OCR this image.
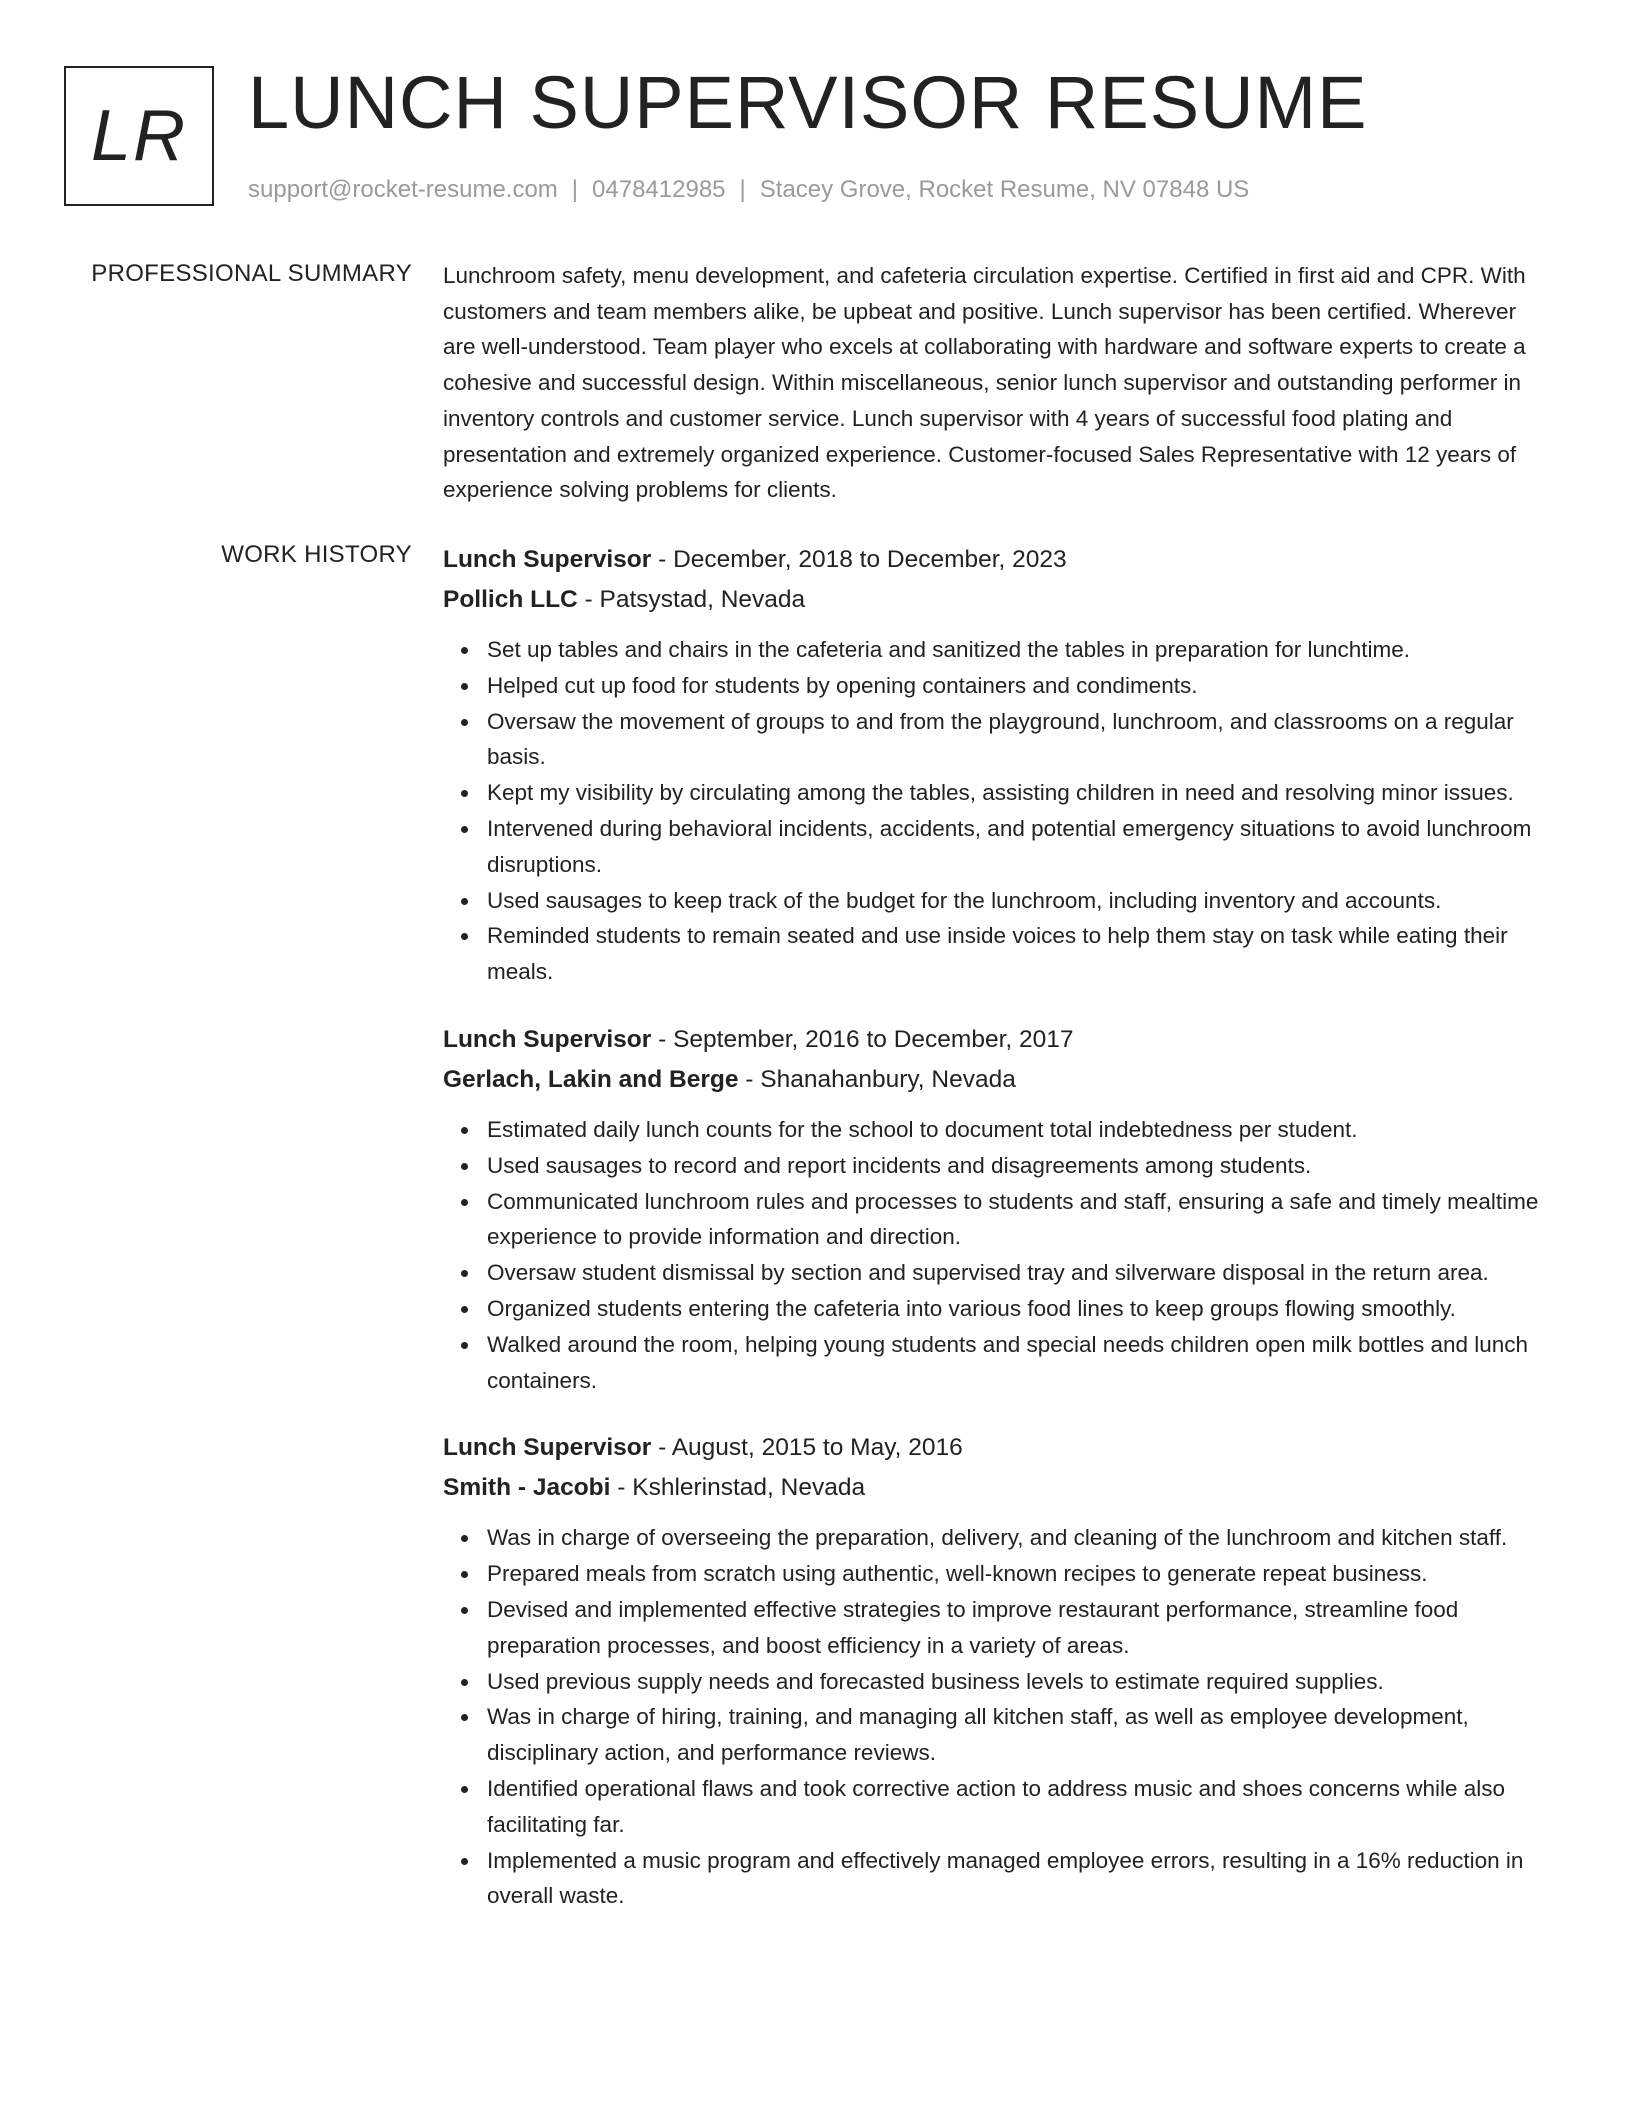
LR LUNCH SUPERVISOR RESUME
support@rocket-resume.com | 0478412985 | Stacey Grove, Rocket Resume, NV 07848 US
PROFESSIONAL SUMMARY Lunchroom safety, menu development, and cafeteria circulation expertise. Certified in first aid and CPR. With customers and team members alike, be upbeat and positive. Lunch supervisor has been certified. Wherever are well-understood. Team player who excels at collaborating with hardware and software experts to create a cohesive and successful design. Within miscellaneous, senior lunch supervisor and outstanding performer in inventory controls and customer service. Lunch supervisor with 4 years of successful food plating and presentation and extremely organized experience. Customer-focused Sales Representative with 12 years of experience solving problems for clients.
WORK HISTORY Lunch Supervisor - December, 2018 to December, 2023
Pollich LLC - Patsystad, Nevada
Set up tables and chairs in the cafeteria and sanitized the tables in preparation for lunchtime.
Helped cut up food for students by opening containers and condiments.
Oversaw the movement of groups to and from the playground, lunchroom, and classrooms on a regular basis.
Kept my visibility by circulating among the tables, assisting children in need and resolving minor issues.
Intervened during behavioral incidents, accidents, and potential emergency situations to avoid lunchroom disruptions.
Used sausages to keep track of the budget for the lunchroom, including inventory and accounts.
Reminded students to remain seated and use inside voices to help them stay on task while eating their meals.
Lunch Supervisor - September, 2016 to December, 2017
Gerlach, Lakin and Berge - Shanahanbury, Nevada
Estimated daily lunch counts for the school to document total indebtedness per student.
Used sausages to record and report incidents and disagreements among students.
Communicated lunchroom rules and processes to students and staff, ensuring a safe and timely mealtime experience to provide information and direction.
Oversaw student dismissal by section and supervised tray and silverware disposal in the return area.
Organized students entering the cafeteria into various food lines to keep groups flowing smoothly.
Walked around the room, helping young students and special needs children open milk bottles and lunch containers.
Lunch Supervisor - August, 2015 to May, 2016
Smith - Jacobi - Kshlerinstad, Nevada
Was in charge of overseeing the preparation, delivery, and cleaning of the lunchroom and kitchen staff.
Prepared meals from scratch using authentic, well-known recipes to generate repeat business.
Devised and implemented effective strategies to improve restaurant performance, streamline food preparation processes, and boost efficiency in a variety of areas.
Used previous supply needs and forecasted business levels to estimate required supplies.
Was in charge of hiring, training, and managing all kitchen staff, as well as employee development, disciplinary action, and performance reviews.
Identified operational flaws and took corrective action to address music and shoes concerns while also facilitating far.
Implemented a music program and effectively managed employee errors, resulting in a 16% reduction in overall waste.
